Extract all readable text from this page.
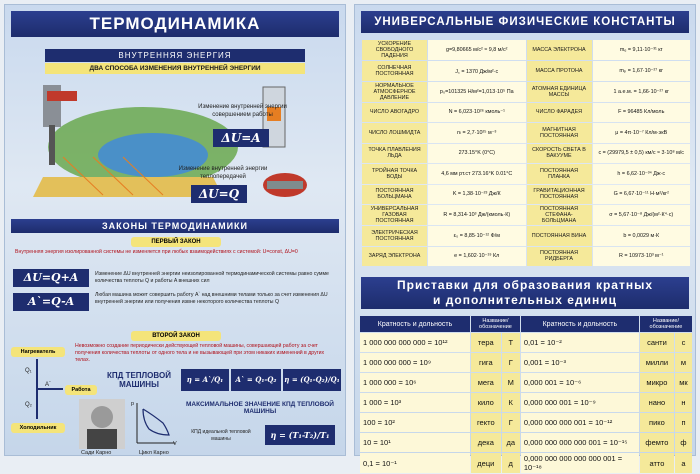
ТЕРМОДИНАМИКА
ВНУТРЕННЯЯ ЭНЕРГИЯ
ДВА СПОСОБА ИЗМЕНЕНИЯ ВНУТРЕННЕЙ ЭНЕРГИИ
Изменение внутренней энергии совершением работы
ΔU=A
Изменение внутренней энергии теплопередачей
ΔU=Q
ЗАКОНЫ ТЕРМОДИНАМИКИ
ПЕРВЫЙ ЗАКОН
Внутренняя энергия изолированной системы не изменяется при любых взаимодействиях с системой: U=const, ΔU=0
ΔU=Q+A
A`=Q-A
Изменение ΔU внутренней энергии неизолированной термодинамической системы равно сумме количества теплоты Q и работы A внешних сил
Любая машина может совершить работу A` над внешними телами только за счет изменения ΔU внутренней энергии или получения извне некоторого количества теплоты Q
ВТОРОЙ ЗАКОН
Невозможно создание периодически действующей тепловой машины, совершающей работу за счет получения количества теплоты от одного тела и не вызывающей при этом никаких изменений в других телах.
Нагреватель
Q₁
Q₂
A`
Работа
Холодильник
КПД ТЕПЛОВОЙ МАШИНЫ
η = A`/Q₁	A` = Q₁-Q₂	η = (Q₁-Q₂)/Q₁
Сади Карно
p
V
Цикл Карно
МАКСИМАЛЬНОЕ ЗНАЧЕНИЕ КПД ТЕПЛОВОЙ МАШИНЫ
КПД идеальной тепловой машины	η = (T₁-T₂)/T₁
УНИВЕРСАЛЬНЫЕ ФИЗИЧЕСКИЕ КОНСТАНТЫ
УСКОРЕНИЕ СВОБОДНОГО ПАДЕНИЯ	g=9,80665 м/с² ≈ 9,8 м/с²	МАССА ЭЛЕКТРОНА	mₑ = 9,11·10⁻³¹ кг
СОЛНЕЧНАЯ ПОСТОЯННАЯ	J꜀ = 1370 Дж/м²·с	МАССА ПРОТОНА	mₚ = 1,67·10⁻²⁷ кг
НОРМАЛЬНОЕ АТМОСФЕРНОЕ ДАВЛЕНИЕ	p₀=101325 Н/м²=1,013·10⁵ Па	АТОМНАЯ ЕДИНИЦА МАССЫ	1 а.е.м. = 1,66·10⁻²⁷ кг
ЧИСЛО АВОГАДРО	N = 6,023·10²⁶ кмоль⁻¹	ЧИСЛО ФАРАДЕЯ	F = 96485 Кл/моль
ЧИСЛО ЛОШМИДТА	nₗ = 2,7·10²⁵ м⁻³	МАГНИТНАЯ ПОСТОЯННАЯ	μ = 4π·10⁻⁷ Кл/м·экВ
ТОЧКА ПЛАВЛЕНИЯ ЛЬДА	273.15°K (0°C)	СКОРОСТЬ СВЕТА В ВАКУУМЕ	c = (29979,5 ± 0,5) км/с ≈ 3·10⁸ м/с
ТРОЙНАЯ ТОЧКА ВОДЫ	4,6 мм рт.ст 273.16°K 0.01°C	ПОСТОЯННАЯ ПЛАНКА	h = 6,62·10⁻³⁴ Дж·с
ПОСТОЯННАЯ БОЛЬЦМАНА	K = 1,38·10⁻²³ Дж/К	ГРАВИТАЦИОННАЯ ПОСТОЯННАЯ	G = 6,67·10⁻¹¹ Н·м²/кг²
УНИВЕРСАЛЬНАЯ ГАЗОВАЯ ПОСТОЯННАЯ	R = 8,314·10³ Дж/(кмоль·К)	ПОСТОЯННАЯ СТЕФАНА-БОЛЬЦМАНА	σ = 5,67·10⁻⁸ Дж/(м²·К⁴·с)
ЭЛЕКТРИЧЕСКАЯ ПОСТОЯННАЯ	ε₀ = 8,85·10⁻¹² Ф/м	ПОСТОЯННАЯ ВИНА	b = 0,0029 м·К
ЗАРЯД ЭЛЕКТРОНА	e = 1,602·10⁻¹⁹ Кл	ПОСТОЯННАЯ РИДБЕРГА	R = 10973·10³ м⁻¹
Приставки для образования кратных
и дополнительных единиц
Кратность и дольность	Название/ обозначение		Кратность и дольность	Название/ обозначение	
1 000 000 000 000 = 10¹²	тера	Т	0,01 = 10⁻²	санти	с
1 000 000 000 = 10⁹	гига	Г	0,001 = 10⁻³	милли	м
1 000 000 = 10⁶	мега	М	0,000 001 = 10⁻⁶	микро	мк
1 000 = 10³	кило	К	0,000 000 001 = 10⁻⁹	нано	н
100 = 10²	гекто	Г	0,000 000 000 001 = 10⁻¹²	пико	п
10 = 10¹	дека	да	0,000 000 000 000 001 = 10⁻¹⁵	фемто	ф
0,1 = 10⁻¹	деци	д	0,000 000 000 000 000 001 = 10⁻¹⁸	атто	а
